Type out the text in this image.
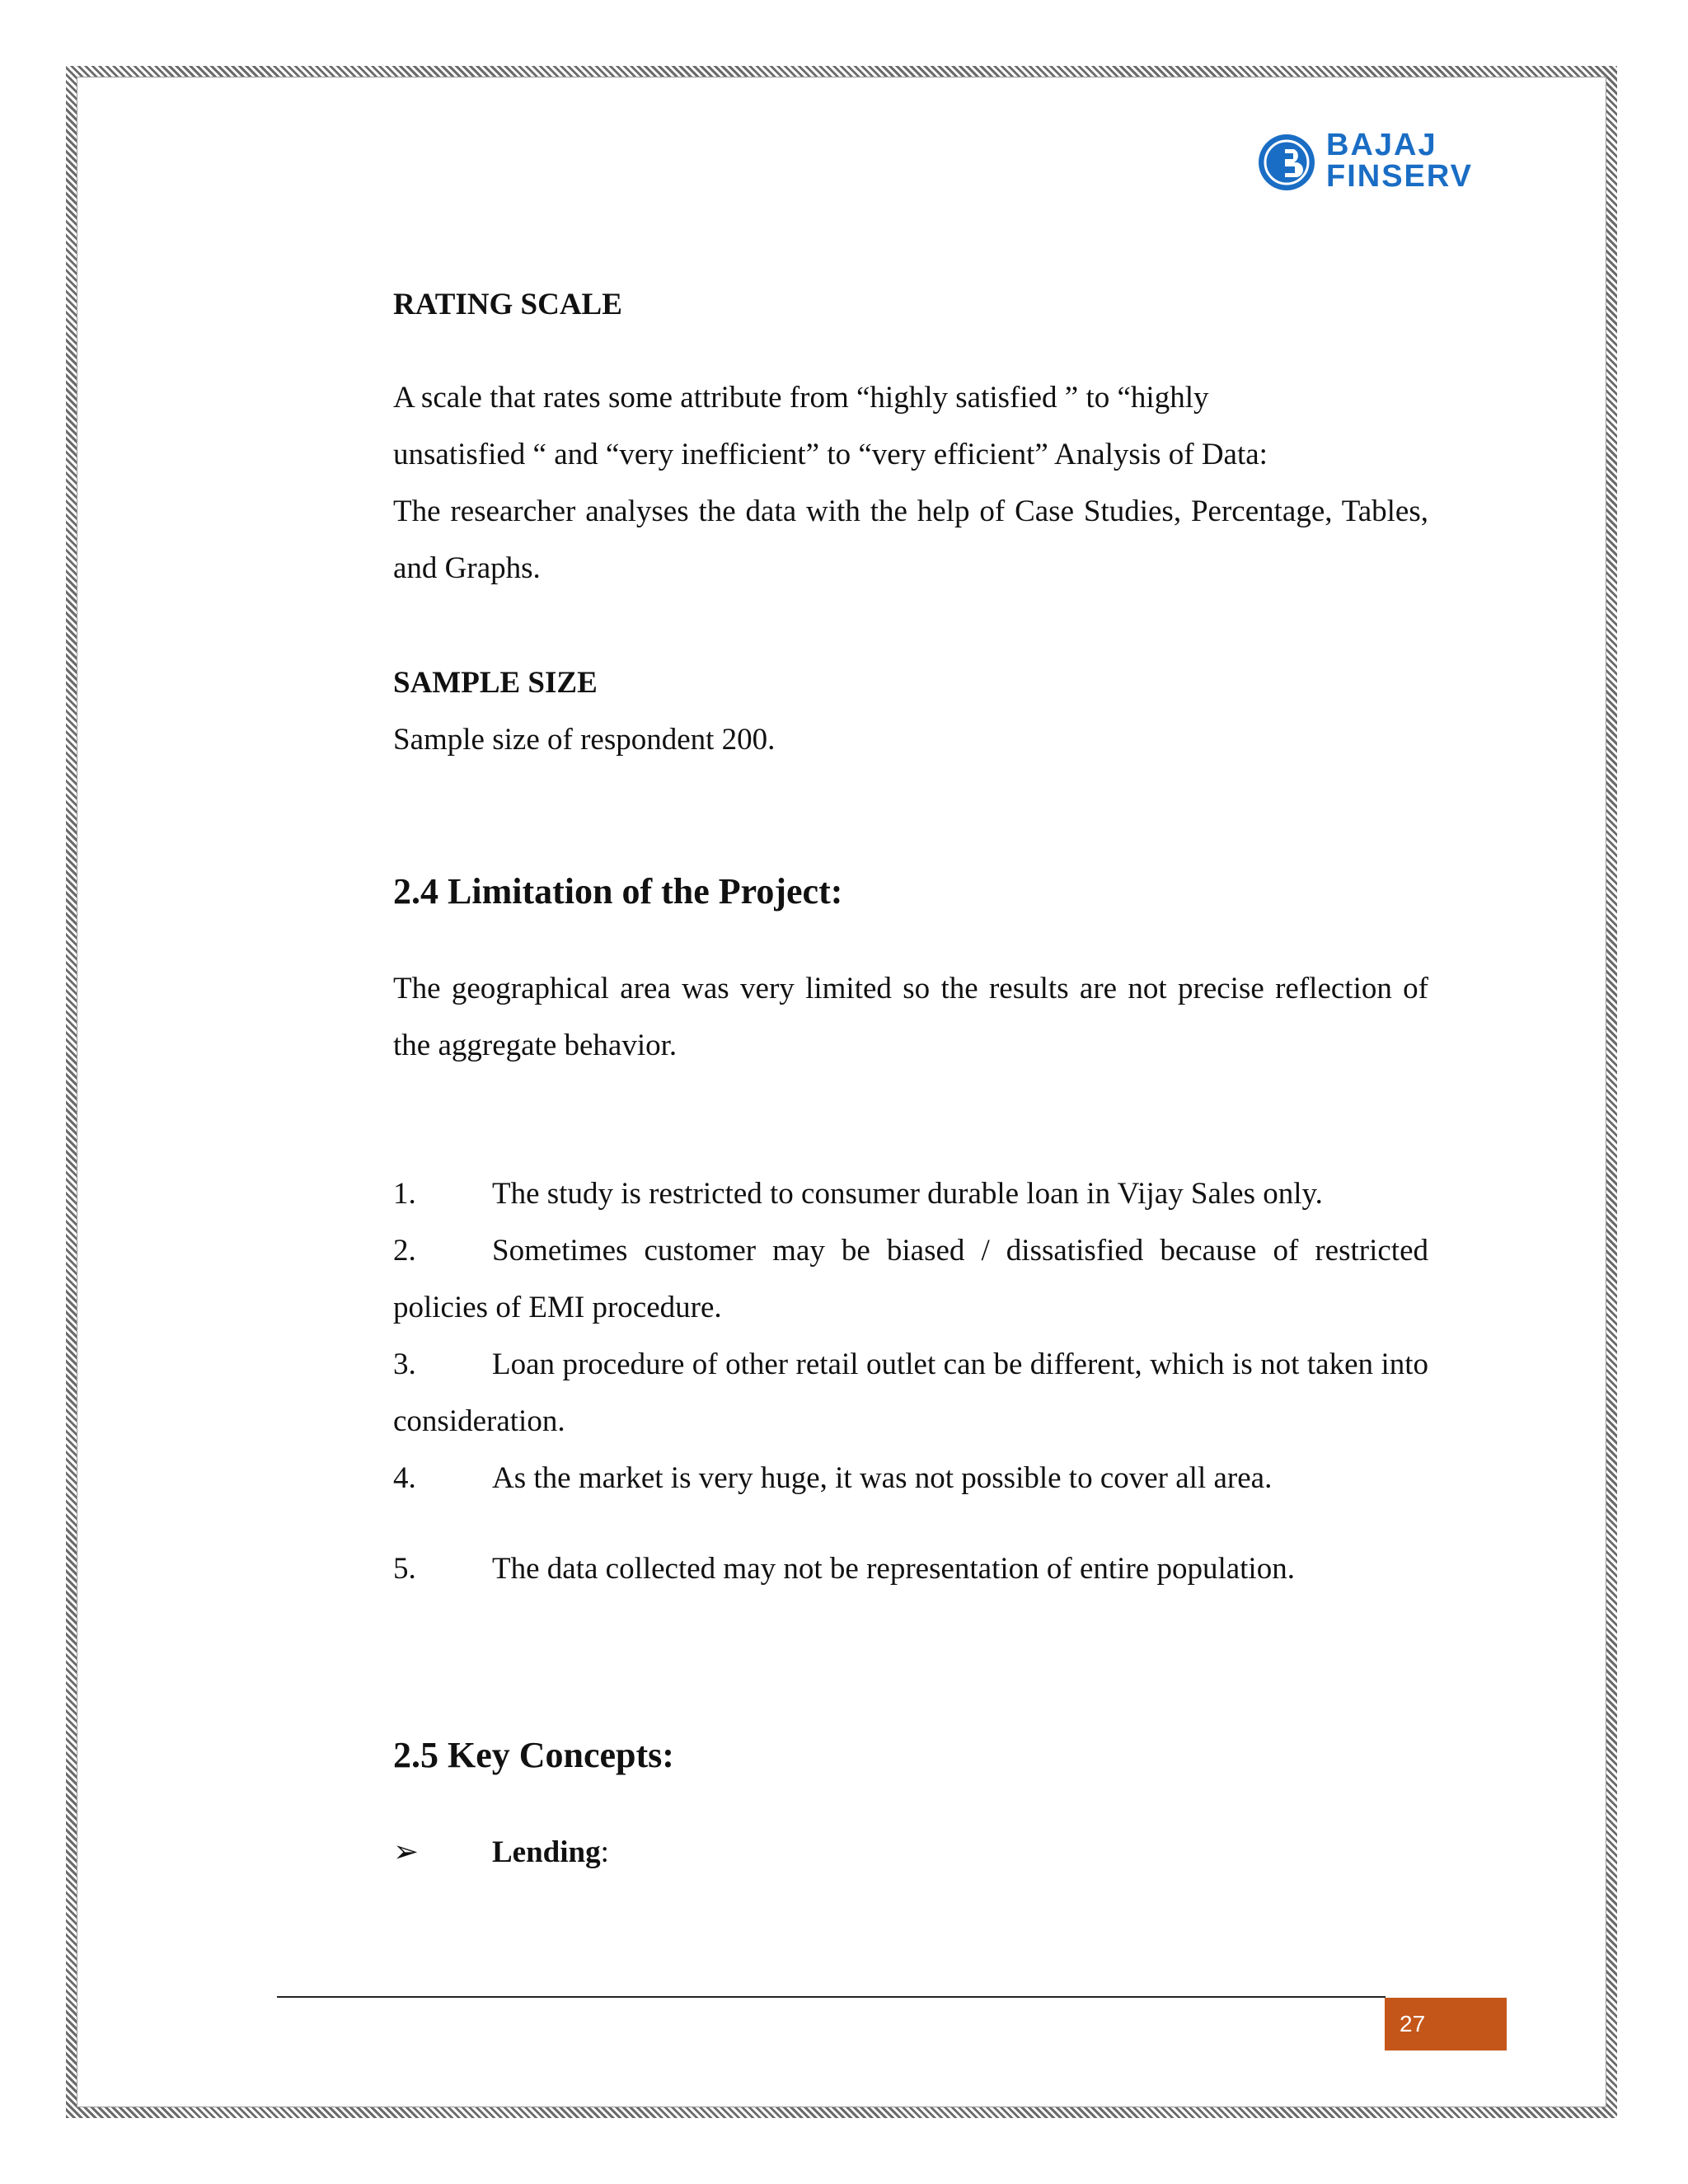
BAJAJ
FINSERV

RATING SCALE

A scale that rates some attribute from “highly satisfied ” to “highly

unsatisfied “ and “very inefficient” to “very efficient” Analysis of Data:

The researcher analyses the data with the help of Case Studies, Percentage, Tables, and Graphs.

SAMPLE SIZE

Sample size of respondent 200.

2.4 Limitation of the Project:

The geographical area was very limited so the results are not precise reflection of the aggregate behavior.

1. The study is restricted to consumer durable loan in Vijay Sales only.

2. Sometimes customer may be biased / dissatisfied because of restricted policies of EMI procedure.

3. Loan procedure of other retail outlet can be different, which is not taken into consideration.

4. As the market is very huge, it was not possible to cover all area.

5. The data collected may not be representation of entire population.

2.5 Key Concepts:

➢ Lending:

27
